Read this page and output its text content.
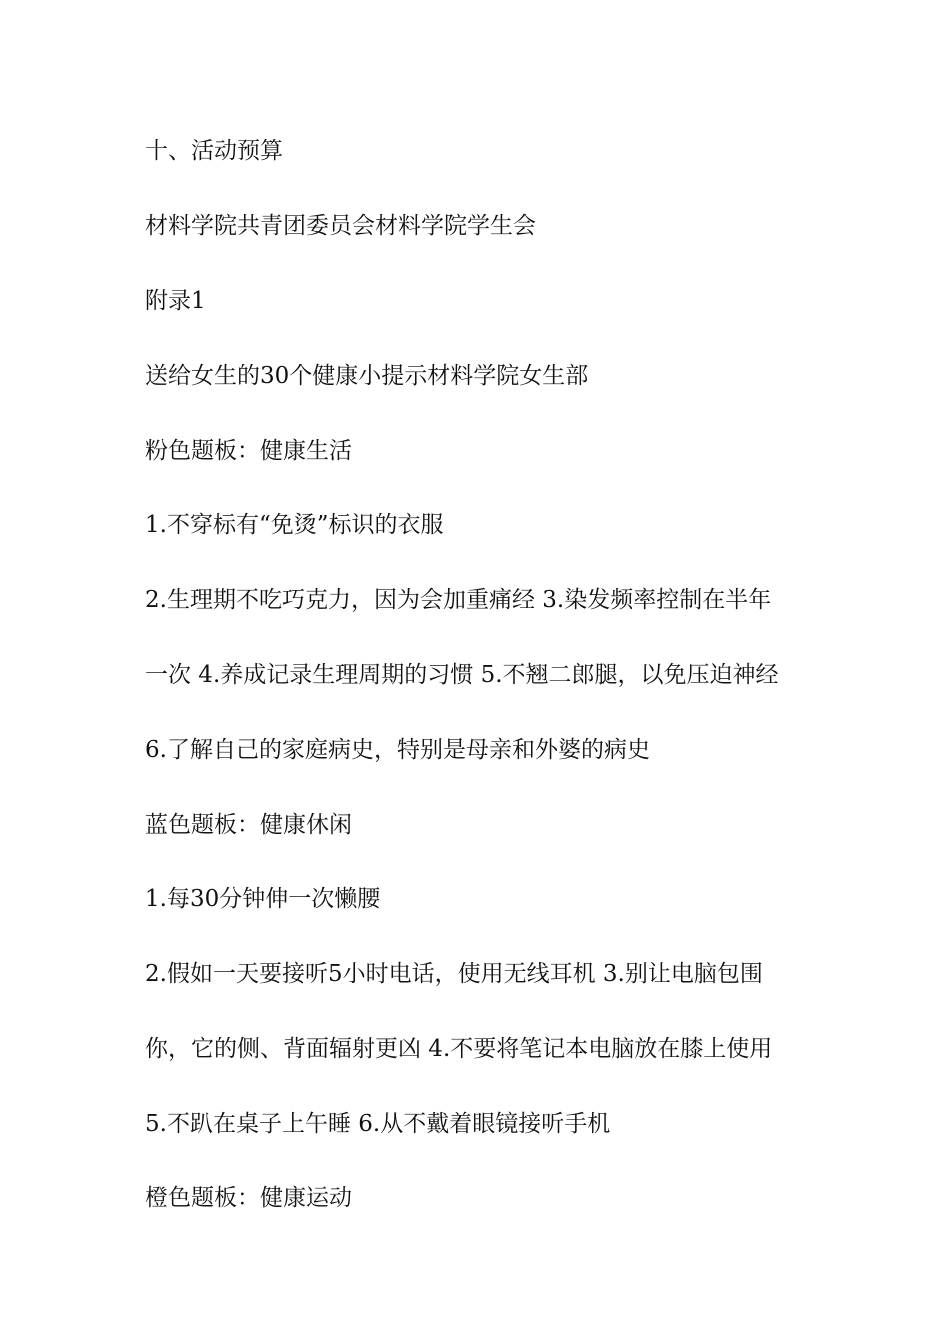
十、活动预算

材料学院共青团委员会材料学院学生会

附录1

送给女生的30个健康小提示材料学院女生部

粉色题板：健康生活

1.不穿标有“免烫”标识的衣服

2.生理期不吃巧克力，因为会加重痛经 3.染发频率控制在半年

一次 4.养成记录生理周期的习惯 5.不翘二郎腿，以免压迫神经

6.了解自己的家庭病史，特别是母亲和外婆的病史

蓝色题板：健康休闲

1.每30分钟伸一次懒腰

2.假如一天要接听5小时电话，使用无线耳机 3.别让电脑包围

你，它的侧、背面辐射更凶 4.不要将笔记本电脑放在膝上使用

5.不趴在桌子上午睡 6.从不戴着眼镜接听手机

橙色题板：健康运动
